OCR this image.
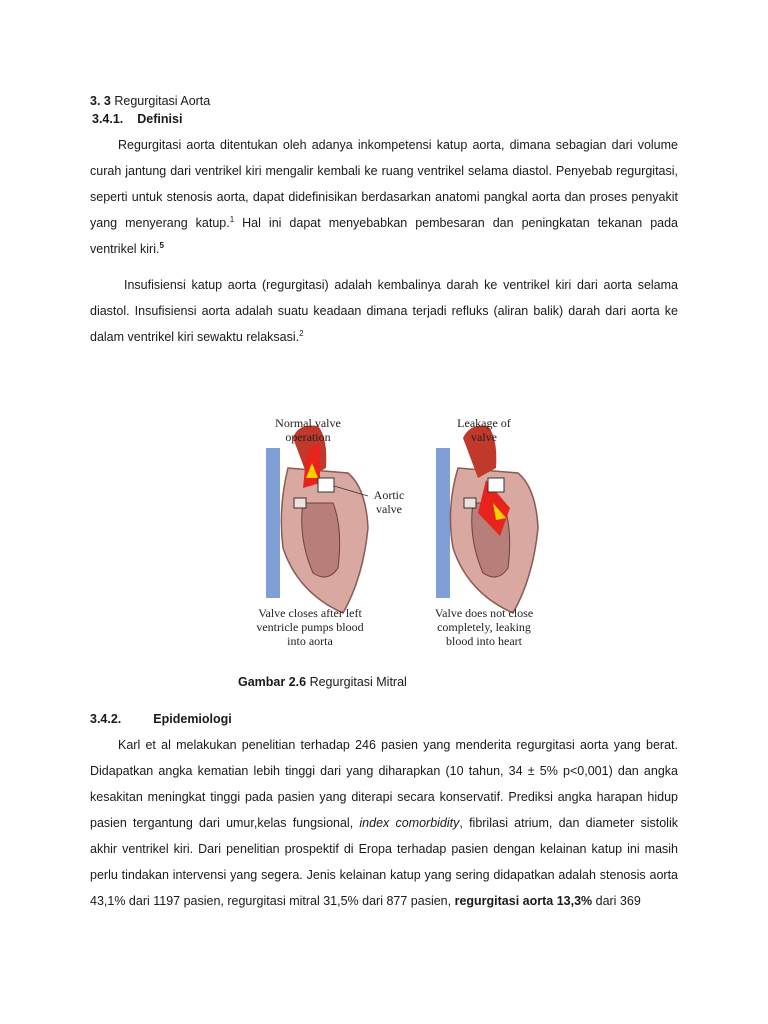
3. 3 Regurgitasi Aorta
3.4.1. Definisi

Regurgitasi aorta ditentukan oleh adanya inkompetensi katup aorta, dimana sebagian dari volume curah jantung dari ventrikel kiri mengalir kembali ke ruang ventrikel selama diastol. Penyebab regurgitasi, seperti untuk stenosis aorta, dapat didefinisikan berdasarkan anatomi pangkal aorta dan proses penyakit yang menyerang katup.$^1$ Hal ini dapat menyebabkan pembesaran dan peningkatan tekanan pada ventrikel kiri.$^5$

Insufisiensi katup aorta (regurgitasi) adalah kembalinya darah ke ventrikel kiri dari aorta selama diastol. Insufisiensi aorta adalah suatu keadaan dimana terjadi refluks (aliran balik) darah dari aorta ke dalam ventrikel kiri sewaktu relaksasi.$^2$

Normal valve operation
Leakage of valve
Aortic valve
Valve closes after left ventricle pumps blood into aorta
Valve does not close completely, leaking blood into heart
Gambar 2.6 Regurgitasi Mitral
3.4.2.	Epidemiologi

Karl et al melakukan penelitian terhadap 246 pasien yang menderita regurgitasi aorta yang berat. Didapatkan angka kematian lebih tinggi dari yang diharapkan (10 tahun, 34 ± 5% p<0,001) dan angka kesakitan meningkat tinggi pada pasien yang diterapi secara konservatif. Prediksi angka harapan hidup pasien tergantung dari umur,kelas fungsional, index comorbidity, fibrilasi atrium, dan diameter sistolik akhir ventrikel kiri. Dari penelitian prospektif di Eropa terhadap pasien dengan kelainan katup ini masih perlu tindakan intervensi yang segera. Jenis kelainan katup yang sering didapatkan adalah stenosis aorta 43,1% dari 1197 pasien, regurgitasi mitral 31,5% dari 877 pasien, regurgitasi aorta 13,3% dari 369
